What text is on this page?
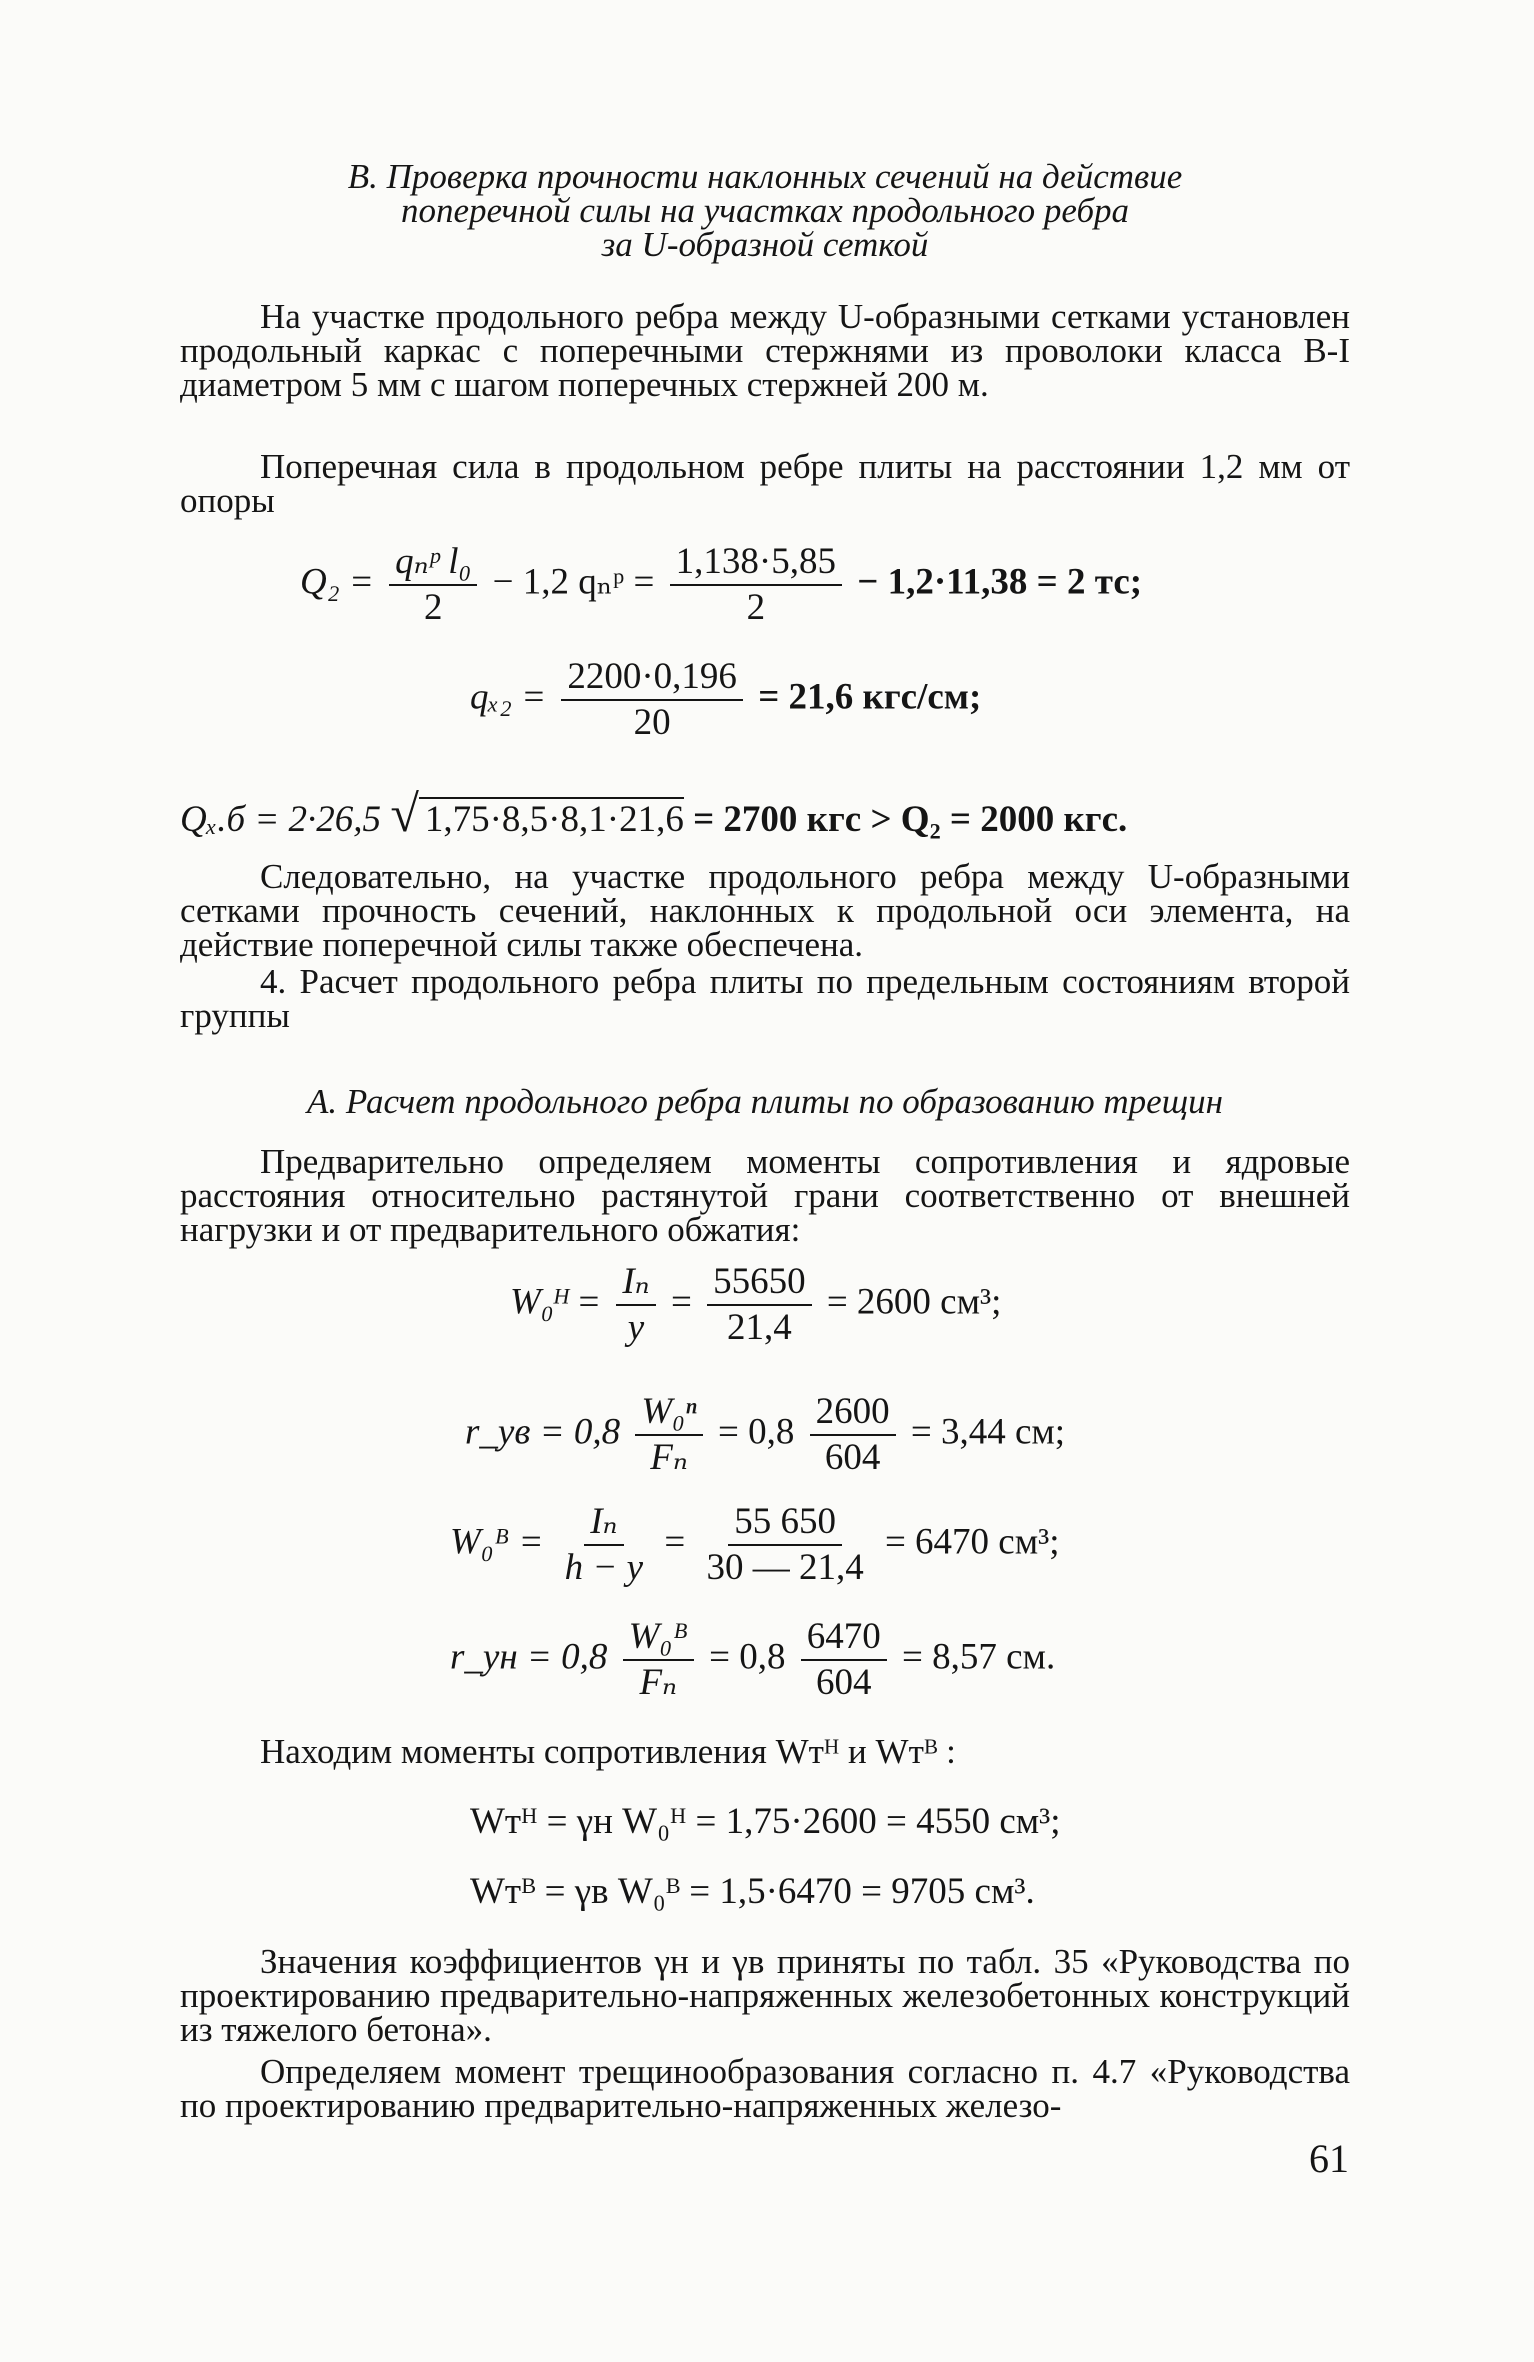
В. Проверка прочности наклонных сечений на действие
поперечной силы на участках продольного ребра
за U-образной сеткой
На участке продольного ребра между U-образными сетками установлен продольный каркас с поперечными стержнями из проволоки класса В-I диаметром 5 мм с шагом поперечных стержней 200 м.
Поперечная сила в продольном ребре плиты на расстоянии 1,2 мм от опоры
$Q_2 = \frac{\text{qₙᵖ l₀}}{2} - 1,2$ qₙᵖ = $\frac{1,138\cdot 5,85}{2} - 1,2\cdot 11,38 = 2$ тс;
$q_{x2} = \frac{2200\cdot 0,196}{20} = 21,6$ кгс/см;
Qₓ.б = 2·26,5 √ 1,75·8,5·8,1·21,6 = 2700 кгс > Q₂ = 2000 кгс.
Следовательно, на участке продольного ребра между U-образными сетками прочность сечений, наклонных к продольной оси элемента, на действие поперечной силы также обеспечена.
4. Расчет продольного ребра плиты по предельным состояниям второй группы
А. Расчет продольного ребра плиты по образованию трещин
Предварительно определяем моменты сопротивления и ядровые расстояния относительно растянутой грани соответственно от внешней нагрузки и от предварительного обжатия:
W₀ᴴ = $\frac{\text{Iₙ}}{y} = \frac{55650}{21,4} = 2600$ см³;
r_yв = $0,8 \frac{\text{W₀ⁿ}}{\text{Fₙ}} = 0,8 \frac{2600}{604} = 3,44$ см;
W₀ᴮ = $\frac{\text{Iₙ}}{h - y} = \frac{55 650}{30 — 21,4} = 6470$ см³;
r_yн = $0,8 \frac{\text{W₀ᴮ}}{\text{Fₙ}} = 0,8 \frac{6470}{604} = 8,57$ см.
Находим моменты сопротивления Wтᴴ и Wтᴮ :
Wтᴴ = γн W₀ᴴ = 1,75·2600 = 4550 см³;
Wтᴮ = γв W₀ᴮ = 1,5·6470 = 9705 см³.
Значения коэффициентов γн и γв приняты по табл. 35 «Руководства по проектированию предварительно-напряженных железобетонных конструкций из тяжелого бетона».
Определяем момент трещинообразования согласно п. 4.7 «Руководства по проектированию предварительно-напряженных железо-
61
